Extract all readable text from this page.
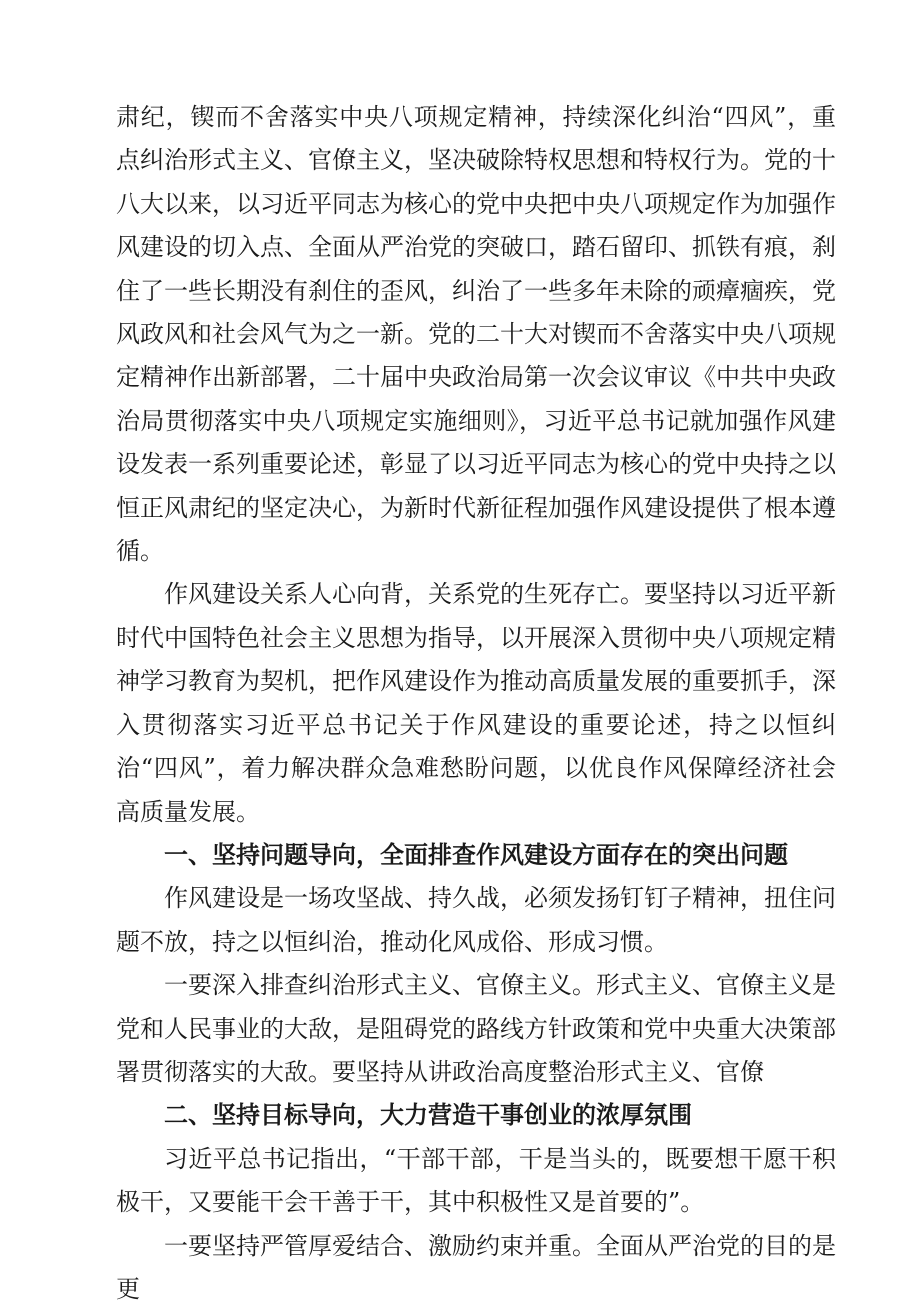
肃纪，锲而不舍落实中央八项规定精神，持续深化纠治“四风”，重点纠治形式主义、官僚主义，坚决破除特权思想和特权行为。党的十八大以来，以习近平同志为核心的党中央把中央八项规定作为加强作风建设的切入点、全面从严治党的突破口，踏石留印、抓铁有痕，刹住了一些长期没有刹住的歪风，纠治了一些多年未除的顽瘴痼疾，党风政风和社会风气为之一新。党的二十大对锲而不舍落实中央八项规定精神作出新部署，二十届中央政治局第一次会议审议《中共中央政治局贯彻落实中央八项规定实施细则》，习近平总书记就加强作风建设发表一系列重要论述，彰显了以习近平同志为核心的党中央持之以恒正风肃纪的坚定决心，为新时代新征程加强作风建设提供了根本遵循。

作风建设关系人心向背，关系党的生死存亡。要坚持以习近平新时代中国特色社会主义思想为指导，以开展深入贯彻中央八项规定精神学习教育为契机，把作风建设作为推动高质量发展的重要抓手，深入贯彻落实习近平总书记关于作风建设的重要论述，持之以恒纠治“四风”，着力解决群众急难愁盼问题，以优良作风保障经济社会高质量发展。

一、坚持问题导向，全面排查作风建设方面存在的突出问题

作风建设是一场攻坚战、持久战，必须发扬钉钉子精神，扭住问题不放，持之以恒纠治，推动化风成俗、形成习惯。

一要深入排查纠治形式主义、官僚主义。形式主义、官僚主义是党和人民事业的大敌，是阻碍党的路线方针政策和党中央重大决策部署贯彻落实的大敌。要坚持从讲政治高度整治形式主义、官僚

二、坚持目标导向，大力营造干事创业的浓厚氛围

习近平总书记指出，“干部干部，干是当头的，既要想干愿干积极干，又要能干会干善于干，其中积极性又是首要的”。

一要坚持严管厚爱结合、激励约束并重。全面从严治党的目的是更
